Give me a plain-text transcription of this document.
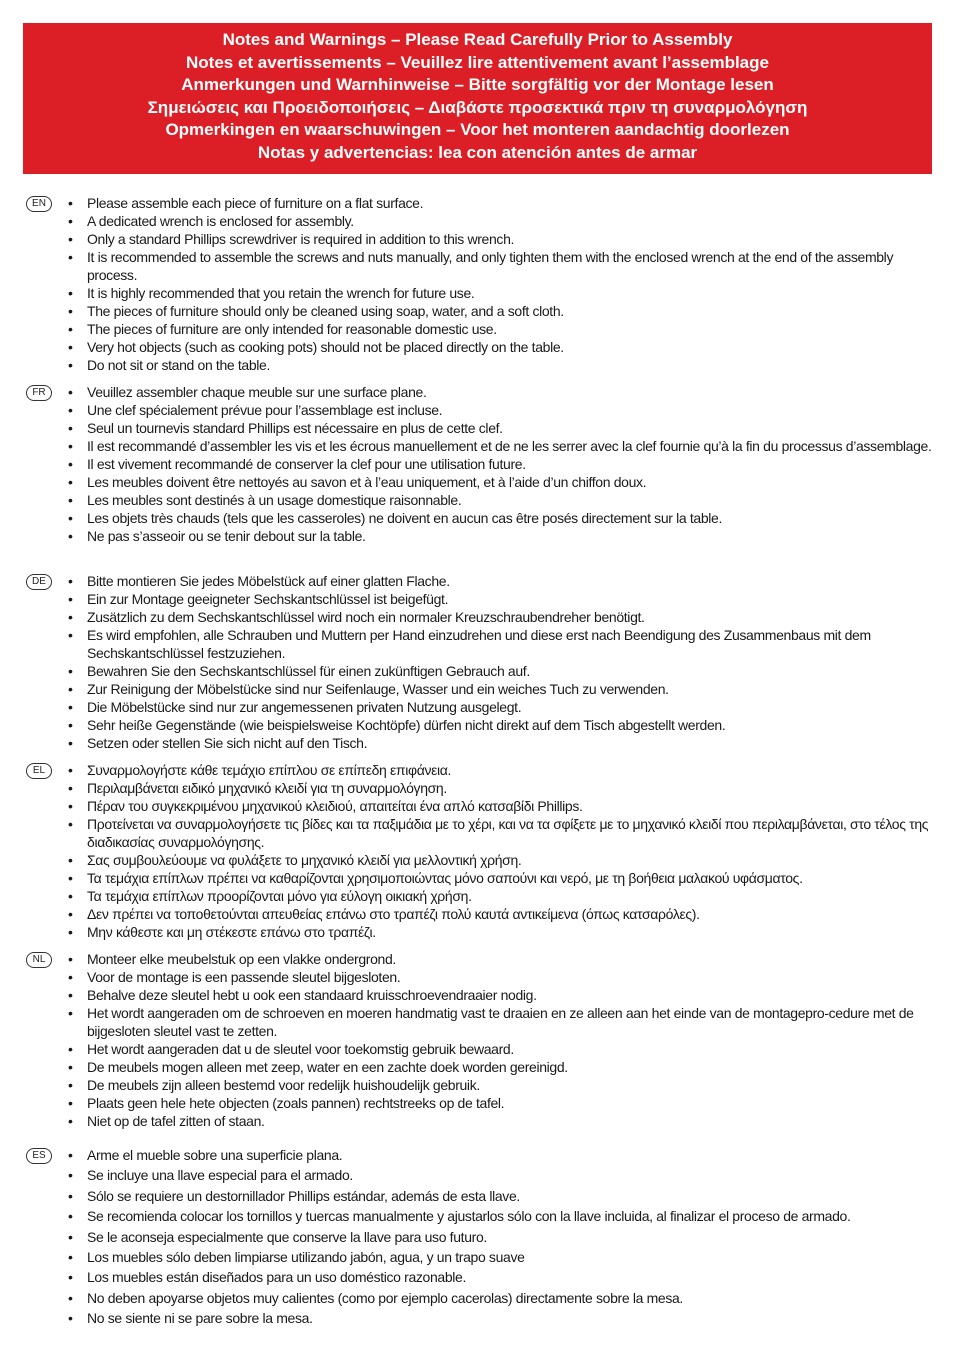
Notes and Warnings – Please Read Carefully Prior to Assembly
Notes et avertissements – Veuillez lire attentivement avant l’assemblage
Anmerkungen und Warnhinweise – Bitte sorgfältig vor der Montage lesen
Σημειώσεις και Προειδοποιήσεις – Διαβάστε προσεκτικά πριν τη συναρμολόγηση
Opmerkingen en waarschuwingen – Voor het monteren aandachtig doorlezen
Notas y advertencias: lea con atención antes de armar
EN	• Please assemble each piece of furniture on a flat surface.
• A dedicated wrench is enclosed for assembly.
• Only a standard Phillips screwdriver is required in addition to this wrench.
• It is recommended to assemble the screws and nuts manually, and only tighten them with the enclosed wrench at the end of the assembly process.
• It is highly recommended that you retain the wrench for future use.
• The pieces of furniture should only be cleaned using soap, water, and a soft cloth.
• The pieces of furniture are only intended for reasonable domestic use.
• Very hot objects (such as cooking pots) should not be placed directly on the table.
• Do not sit or stand on the table.
FR	• Veuillez assembler chaque meuble sur une surface plane.
• Une clef spécialement prévue pour l’assemblage est incluse.
• Seul un tournevis standard Phillips est nécessaire en plus de cette clef.
• Il est recommandé d’assembler les vis et les écrous manuellement et de ne les serrer avec la clef fournie qu’à la fin du processus d’assemblage.
• Il est vivement recommandé de conserver la clef pour une utilisation future.
• Les meubles doivent être nettoyés au savon et à l’eau uniquement, et à l’aide d’un chiffon doux.
• Les meubles sont destinés à un usage domestique raisonnable.
• Les objets très chauds (tels que les casseroles) ne doivent en aucun cas être posés directement sur la table.
• Ne pas s’asseoir ou se tenir debout sur la table.
DE	• Bitte montieren Sie jedes Möbelstück auf einer glatten Flache.
• Ein zur Montage geeigneter Sechskantschlüssel ist beigefügt.
• Zusätzlich zu dem Sechskantschlüssel wird noch ein normaler Kreuzschraubendreher benötigt.
• Es wird empfohlen, alle Schrauben und Muttern per Hand einzudrehen und diese erst nach Beendigung des Zusammenbaus mit dem Sechskantschlüssel festzuziehen.
• Bewahren Sie den Sechskantschlüssel für einen zukünftigen Gebrauch auf.
• Zur Reinigung der Möbelstücke sind nur Seifenlauge, Wasser und ein weiches Tuch zu verwenden.
• Die Möbelstücke sind nur zur angemessenen privaten Nutzung ausgelegt.
• Sehr heiße Gegenstände (wie beispielsweise Kochtöpfe) dürfen nicht direkt auf dem Tisch abgestellt werden.
• Setzen oder stellen Sie sich nicht auf den Tisch.
EL	• Συναρμολογήστε κάθε τεμάχιο επίπλου σε επίπεδη επιφάνεια.
• Περιλαμβάνεται ειδικό μηχανικό κλειδί για τη συναρμολόγηση.
• Πέραν του συγκεκριμένου μηχανικού κλειδιού, απαιτείται ένα απλό κατσαβίδι Phillips.
• Προτείνεται να συναρμολογήσετε τις βίδες και τα παξιμάδια με το χέρι, και να τα σφίξετε με το μηχανικό κλειδί που περιλαμβάνεται, στο τέλος της διαδικασίας συναρμολόγησης.
• Σας συμβουλεύουμε να φυλάξετε το μηχανικό κλειδί για μελλοντική χρήση.
• Τα τεμάχια επίπλων πρέπει να καθαρίζονται χρησιμοποιώντας μόνο σαπούνι και νερό, με τη βοήθεια μαλακού υφάσματος.
• Τα τεμάχια επίπλων προορίζονται μόνο για εύλογη οικιακή χρήση.
• Δεν πρέπει να τοποθετούνται απευθείας επάνω στο τραπέζι πολύ καυτά αντικείμενα (όπως κατσαρόλες).
• Μην κάθεστε και μη στέκεστε επάνω στο τραπέζι.
NL	• Monteer elke meubelstuk op een vlakke ondergrond.
• Voor de montage is een passende sleutel bijgesloten.
• Behalve deze sleutel hebt u ook een standaard kruisschroevendraaier nodig.
• Het wordt aangeraden om de schroeven en moeren handmatig vast te draaien en ze alleen aan het einde van de montagepro-cedure met de bijgesloten sleutel vast te zetten.
• Het wordt aangeraden dat u de sleutel voor toekomstig gebruik bewaard.
• De meubels mogen alleen met zeep, water en een zachte doek worden gereinigd.
• De meubels zijn alleen bestemd voor redelijk huishoudelijk gebruik.
• Plaats geen hele hete objecten (zoals pannen) rechtstreeks op de tafel.
• Niet op de tafel zitten of staan.
ES	• Arme el mueble sobre una superficie plana.
• Se incluye una llave especial para el armado.
• Sólo se requiere un destornillador Phillips estándar, además de esta llave.
• Se recomienda colocar los tornillos y tuercas manualmente y ajustarlos sólo con la llave incluida, al finalizar el proceso de armado.
• Se le aconseja especialmente que conserve la llave para uso futuro.
• Los muebles sólo deben limpiarse utilizando jabón, agua, y un trapo suave
• Los muebles están diseñados para un uso doméstico razonable.
• No deben apoyarse objetos muy calientes (como por ejemplo cacerolas) directamente sobre la mesa.
• No se siente ni se pare sobre la mesa.
